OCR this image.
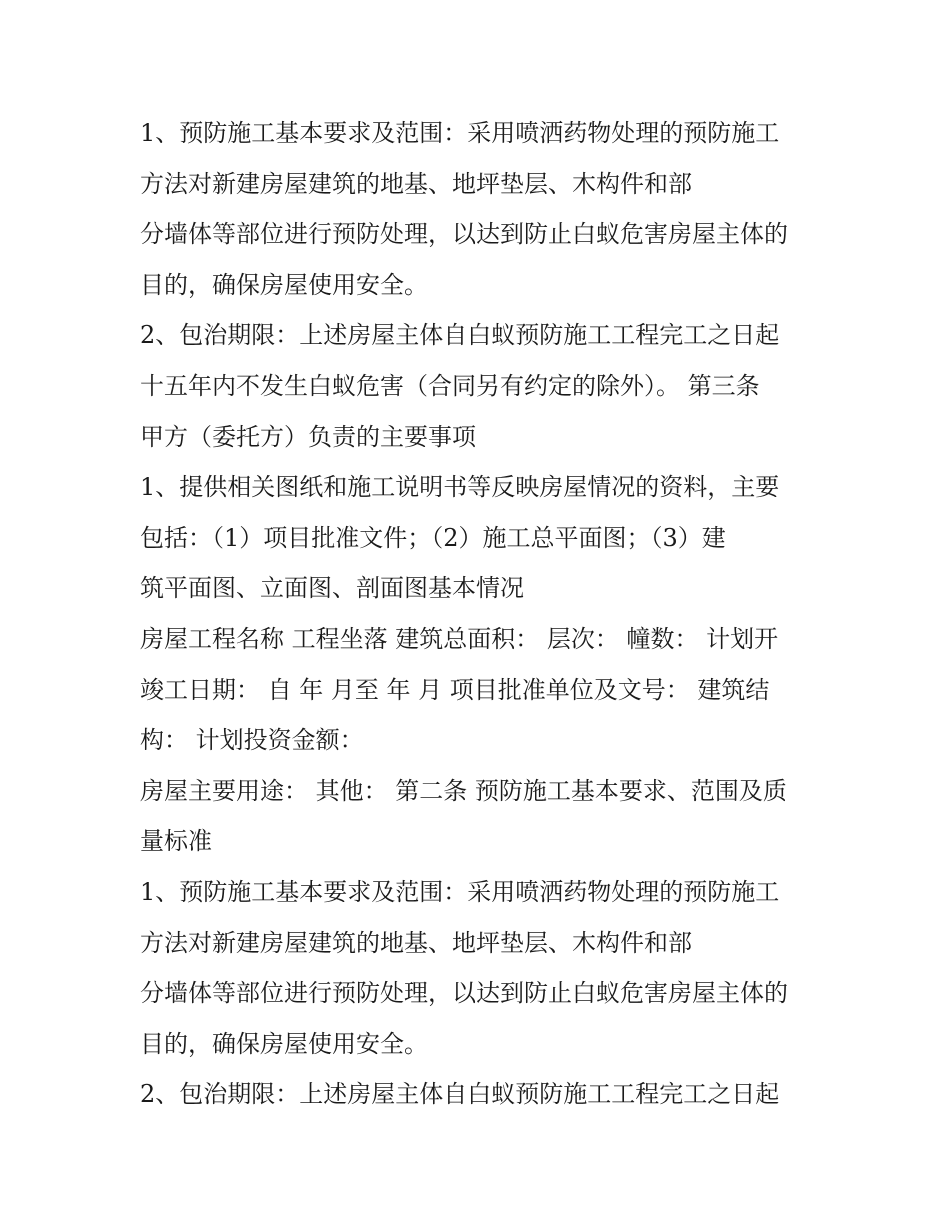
1、预防施工基本要求及范围：采用喷洒药物处理的预防施工
方法对新建房屋建筑的地基、地坪垫层、木构件和部
分墙体等部位进行预防处理，以达到防止白蚁危害房屋主体的
目的，确保房屋使用安全。
2、包治期限：上述房屋主体自白蚁预防施工工程完工之日起
十五年内不发生白蚁危害（合同另有约定的除外）。 第三条
甲方（委托方）负责的主要事项
1、提供相关图纸和施工说明书等反映房屋情况的资料，主要
包括：（1）项目批准文件；（2）施工总平面图；（3）建
筑平面图、立面图、剖面图基本情况
房屋工程名称 工程坐落 建筑总面积： 层次： 幢数： 计划开
竣工日期： 自 年 月至 年 月 项目批准单位及文号： 建筑结
构： 计划投资金额：
房屋主要用途： 其他： 第二条 预防施工基本要求、范围及质
量标准
1、预防施工基本要求及范围：采用喷洒药物处理的预防施工
方法对新建房屋建筑的地基、地坪垫层、木构件和部
分墙体等部位进行预防处理，以达到防止白蚁危害房屋主体的
目的，确保房屋使用安全。
2、包治期限：上述房屋主体自白蚁预防施工工程完工之日起
